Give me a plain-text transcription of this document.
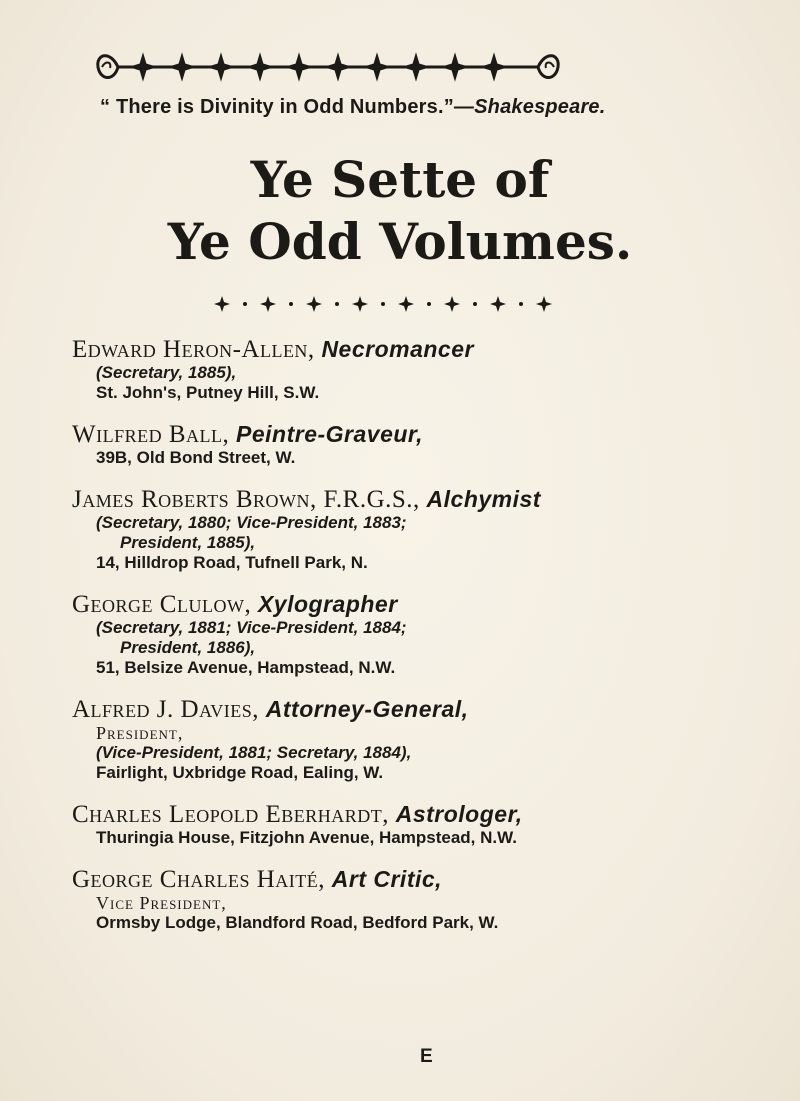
“ There is Divinity in Odd Numbers.”—Shakespeare.
Ye Sette of
Ye Odd Volumes.
Edward Heron-Allen, Necromancer
(Secretary, 1885),
St. John's, Putney Hill, S.W.
Wilfred Ball, Peintre-Graveur,
39B, Old Bond Street, W.
James Roberts Brown, F.R.G.S., Alchymist
(Secretary, 1880; Vice-President, 1883;
President, 1885),
14, Hilldrop Road, Tufnell Park, N.
George Clulow, Xylographer
(Secretary, 1881; Vice-President, 1884;
President, 1886),
51, Belsize Avenue, Hampstead, N.W.
Alfred J. Davies, Attorney-General,
President,
(Vice-President, 1881; Secretary, 1884),
Fairlight, Uxbridge Road, Ealing, W.
Charles Leopold Eberhardt, Astrologer,
Thuringia House, Fitzjohn Avenue, Hampstead, N.W.
George Charles Haité, Art Critic,
Vice President,
Ormsby Lodge, Blandford Road, Bedford Park, W.
E
